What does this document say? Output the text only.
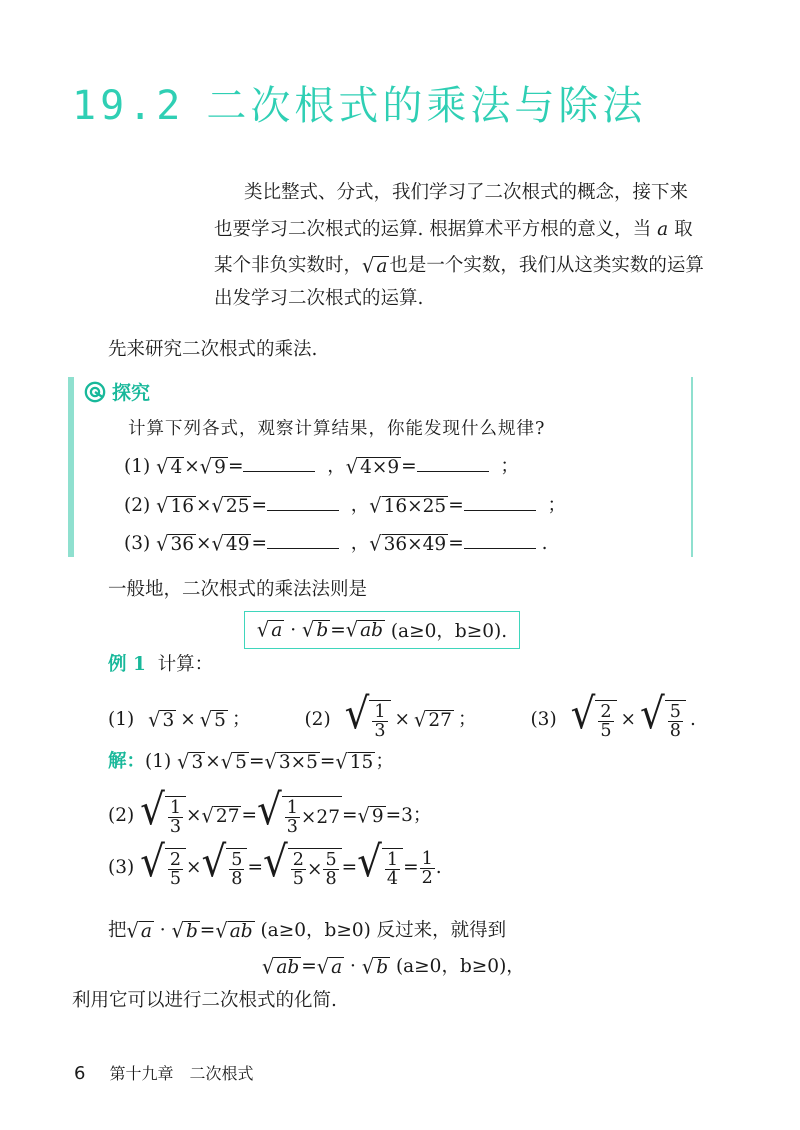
19.2 二次根式的乘法与除法
类比整式、分式，我们学习了二次根式的概念，接下来
也要学习二次根式的运算. 根据算术平方根的意义，当 a 取
某个非负实数时， √ a 也是一个实数，我们从这类实数的运算
出发学习二次根式的运算.
先来研究二次根式的乘法.
探究
计算下列各式，观察计算结果，你能发现什么规律?
(1) √ 4 × √ 9 =	， √ 4×9 =	；
(2) √ 16 × √ 25 =	， √ 16×25 =	；
(3) √ 36 × √ 49 =	， √ 36×49 =	.
一般地，二次根式的乘法法则是
√ a · √ b = √ ab
(a≥0，b≥0).
例 1 计算：
(1)
√ 3 × √ 5 ；	(2)
√ $\frac{1}{3}$ × √ 27 ；	(3)
√ $\frac{2}{5}$ × √ $\frac{5}{8}$ .
解：(1) √ 3 × √ 5 = √ 3×5 = √ 15 ；
(2) √ $\frac{1}{3}$ × √ 27 = √ $\frac{1}{3} \times 27$ = √ 9 =3；
(3) √ $\frac{2}{5}$ × √ $\frac{5}{8}$ = √ $\frac{2}{5} \times \frac{5}{8}$ = √ $\frac{1}{4} = \frac{1}{2}$ .
把 √ a · √ b = √ ab (a≥0，b≥0) 反过来，就得到
√ ab = √ a · √ b (a≥0，b≥0)，
利用它可以进行二次根式的化简.
6 第十九章　二次根式
